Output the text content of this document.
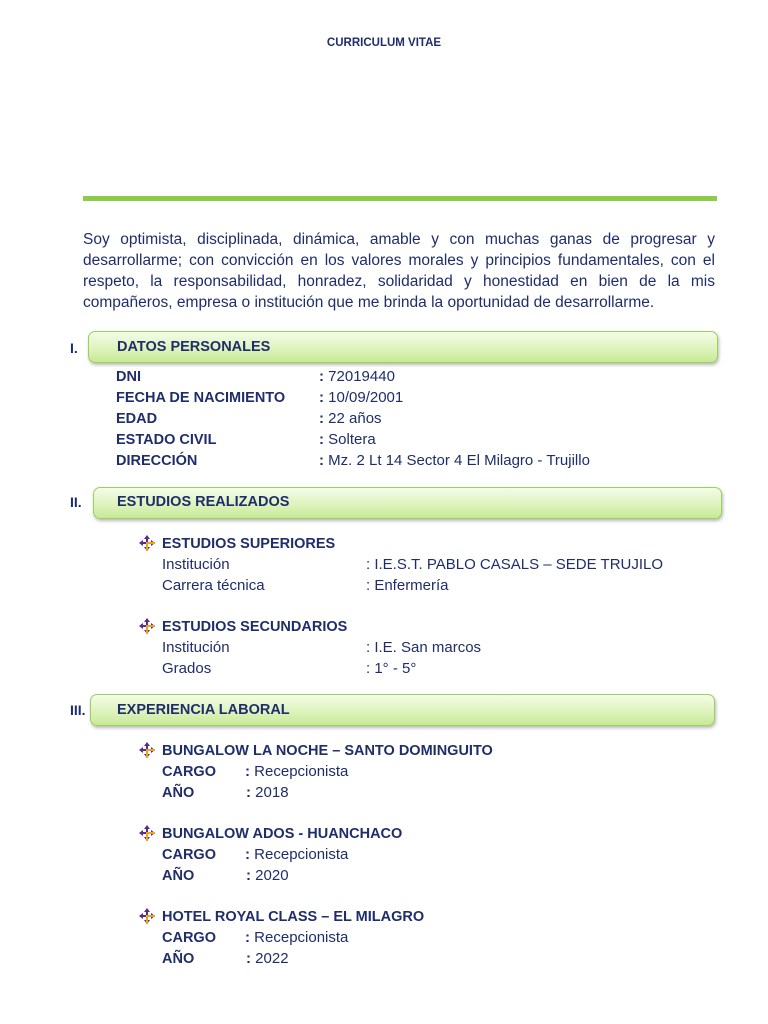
CURRICULUM VITAE
Soy optimista, disciplinada, dinámica, amable y con muchas ganas de progresar y desarrollarme; con convicción en los valores morales y principios fundamentales, con el respeto, la responsabilidad, honradez, solidaridad y honestidad en bien de la mis compañeros, empresa o institución que me brinda la oportunidad de desarrollarme.
I.	DATOS PERSONALES
DNI	: 72019440
FECHA DE NACIMIENTO : 10/09/2001
EDAD	: 22 años
ESTADO CIVIL	: Soltera
DIRECCIÓN	: Mz. 2 Lt 14 Sector 4 El Milagro - Trujillo
II. ESTUDIOS REALIZADOS
ESTUDIOS SUPERIORES
Institución	: I.E.S.T. PABLO CASALS – SEDE TRUJILO
Carrera técnica	: Enfermería
ESTUDIOS SECUNDARIOS
Institución	: I.E. San marcos
Grados	: 1° - 5°
III. EXPERIENCIA LABORAL
BUNGALOW LA NOCHE – SANTO DOMINGUITO
CARGO : Recepcionista
AÑO	: 2018
BUNGALOW ADOS - HUANCHACO
CARGO : Recepcionista
AÑO	: 2020
HOTEL ROYAL CLASS – EL MILAGRO
CARGO : Recepcionista
AÑO	: 2022
